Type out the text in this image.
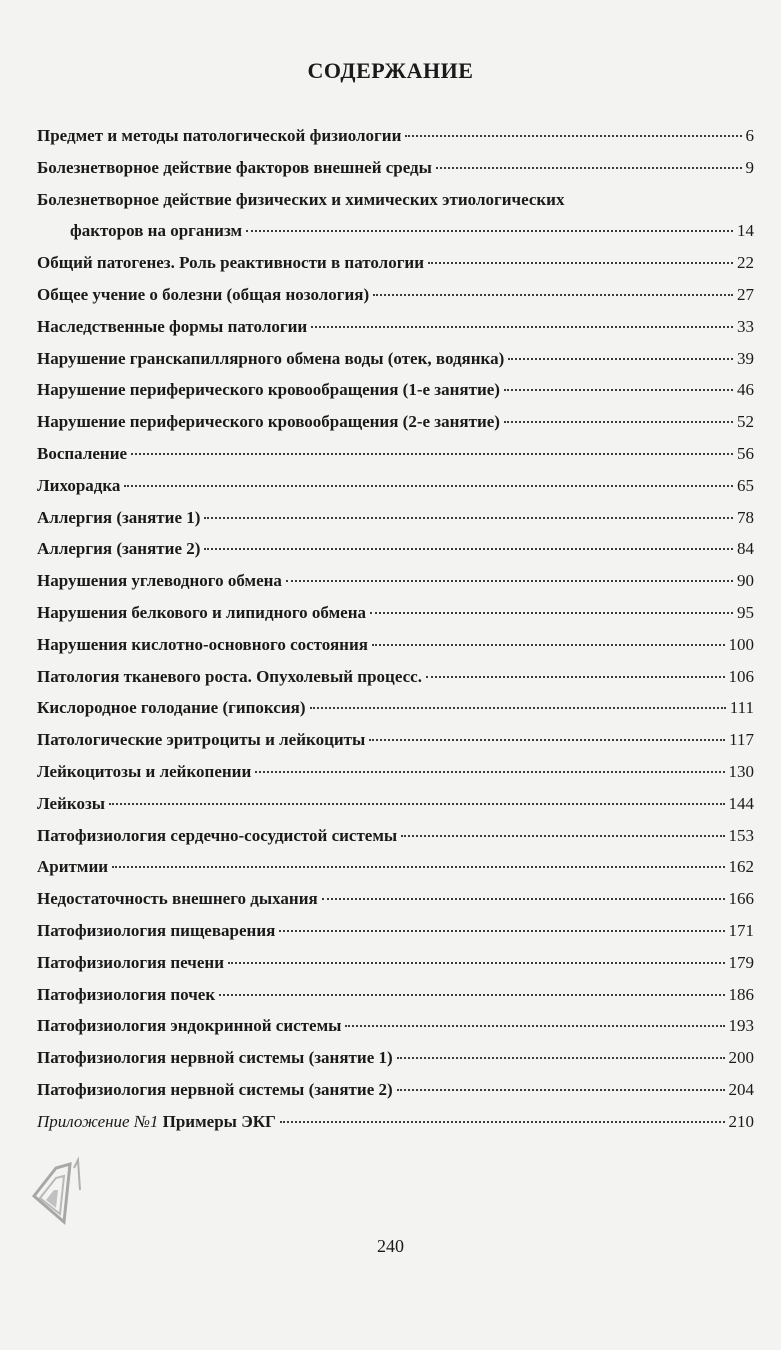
СОДЕРЖАНИЕ
Предмет и методы патологической физиологии	6
Болезнетворное действие факторов внешней среды	9
Болезнетворное действие физических и химических этиологических
факторов на организм	14
Общий патогенез. Роль реактивности в патологии	22
Общее учение о болезни (общая нозология)	27
Наследственные формы патологии	33
Нарушение гранскапиллярного обмена воды (отек, водянка)	39
Нарушение периферического кровообращения (1-е занятие)	46
Нарушение периферического кровообращения (2-е занятие)	52
Воспаление	56
Лихорадка	65
Аллергия (занятие 1)	78
Аллергия (занятие 2)	84
Нарушения углеводного обмена	90
Нарушения белкового и липидного обмена	95
Нарушения кислотно-основного состояния	100
Патология тканевого роста. Опухолевый процесс.	106
Кислородное голодание (гипоксия)	111
Патологические эритроциты и лейкоциты	117
Лейкоцитозы и лейкопении	130
Лейкозы	144
Патофизиология сердечно-сосудистой системы	153
Аритмии	162
Недостаточность внешнего дыхания	166
Патофизиология пищеварения	171
Патофизиология печени	179
Патофизиология почек	186
Патофизиология эндокринной системы	193
Патофизиология нервной системы (занятие 1)	200
Патофизиология нервной системы (занятие 2)	204
Приложение №1 Примеры ЭКГ	210
240
